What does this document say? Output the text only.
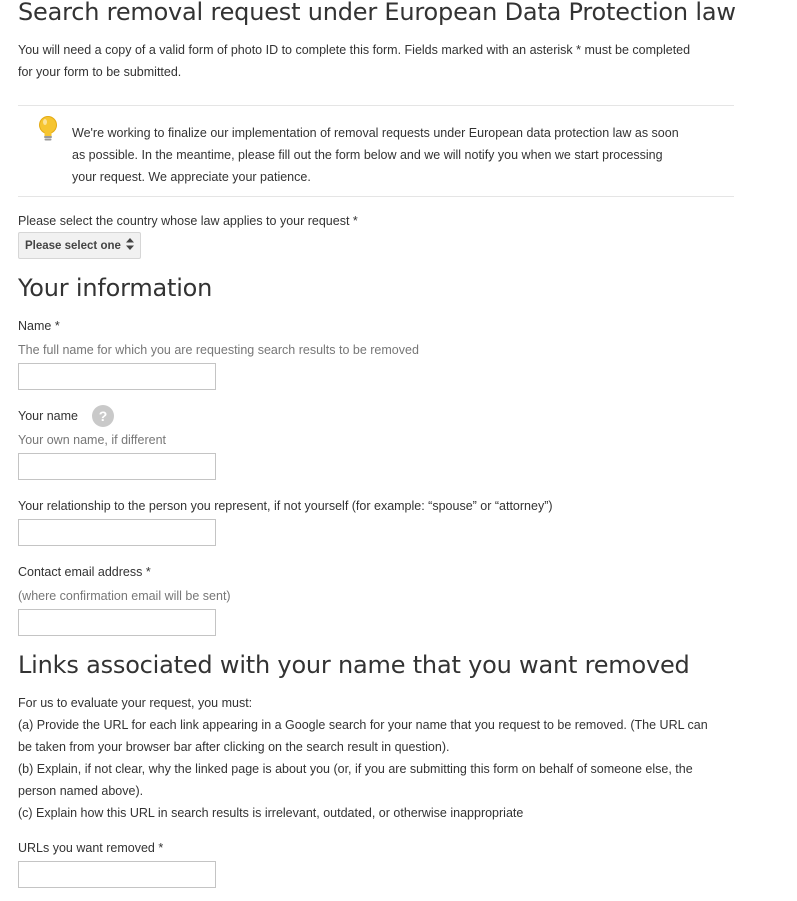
Search removal request under European Data Protection law
You will need a copy of a valid form of photo ID to complete this form. Fields marked with an asterisk * must be completed
for your form to be submitted.
We're working to finalize our implementation of removal requests under European data protection law as soon
as possible. In the meantime, please fill out the form below and we will notify you when we start processing
your request. We appreciate your patience.
Please select the country whose law applies to your request *
Please select one
Your information
Name *
The full name for which you are requesting search results to be removed
Your name	?
Your own name, if different
Your relationship to the person you represent, if not yourself (for example: “spouse” or “attorney”)
Contact email address *
(where confirmation email will be sent)
Links associated with your name that you want removed
For us to evaluate your request, you must:
(a) Provide the URL for each link appearing in a Google search for your name that you request to be removed. (The URL can
be taken from your browser bar after clicking on the search result in question).
(b) Explain, if not clear, why the linked page is about you (or, if you are submitting this form on behalf of someone else, the
person named above).
(c) Explain how this URL in search results is irrelevant, outdated, or otherwise inappropriate
URLs you want removed *
